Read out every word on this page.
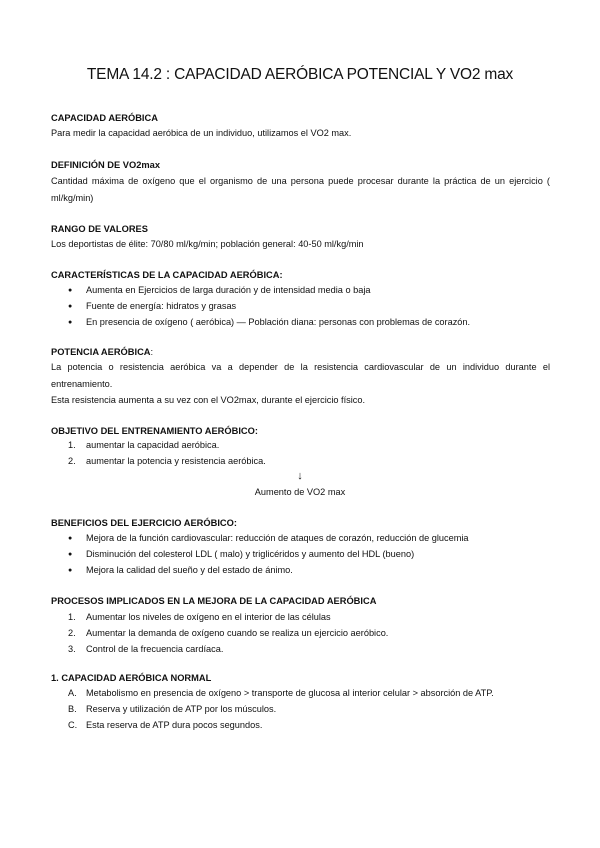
TEMA 14.2 : CAPACIDAD AERÓBICA POTENCIAL Y VO2 max
CAPACIDAD AERÓBICA
Para medir la capacidad aeróbica de un individuo, utilizamos el VO2 max.
DEFINICIÓN DE VO2max
Cantidad máxima de oxígeno que el organismo de una persona puede procesar durante la práctica de un ejercicio ( ml/kg/min)
RANGO DE VALORES
Los deportistas de élite: 70/80 ml/kg/min; población general: 40-50 ml/kg/min
CARACTERÍSTICAS DE LA CAPACIDAD AERÓBICA:
● Aumenta en Ejercicios de larga duración y de intensidad media o baja
● Fuente de energía: hidratos y grasas
● En presencia de oxígeno ( aeróbica) — Población diana: personas con problemas de corazón.
POTENCIA AERÓBICA:
La potencia o resistencia aeróbica va a depender de la resistencia cardiovascular de un individuo durante el entrenamiento.
Esta resistencia aumenta a su vez con el VO2max, durante el ejercicio físico.
OBJETIVO DEL ENTRENAMIENTO AERÓBICO:
1. aumentar la capacidad aeróbica.
2. aumentar la potencia y resistencia aeróbica.
↓
Aumento de VO2 max
BENEFICIOS DEL EJERCICIO AERÓBICO:
● Mejora de la función cardiovascular: reducción de ataques de corazón, reducción de glucemia
● Disminución del colesterol LDL ( malo) y triglicéridos y aumento del HDL (bueno)
● Mejora la calidad del sueño y del estado de ánimo.
PROCESOS IMPLICADOS EN LA MEJORA DE LA CAPACIDAD AERÓBICA
1. Aumentar los niveles de oxígeno en el interior de las células
2. Aumentar la demanda de oxígeno cuando se realiza un ejercicio aeróbico.
3. Control de la frecuencia cardíaca.
1. CAPACIDAD AERÓBICA NORMAL
A. Metabolismo en presencia de oxígeno > transporte de glucosa al interior celular > absorción de ATP.
B. Reserva y utilización de ATP por los músculos.
C. Esta reserva de ATP dura pocos segundos.
